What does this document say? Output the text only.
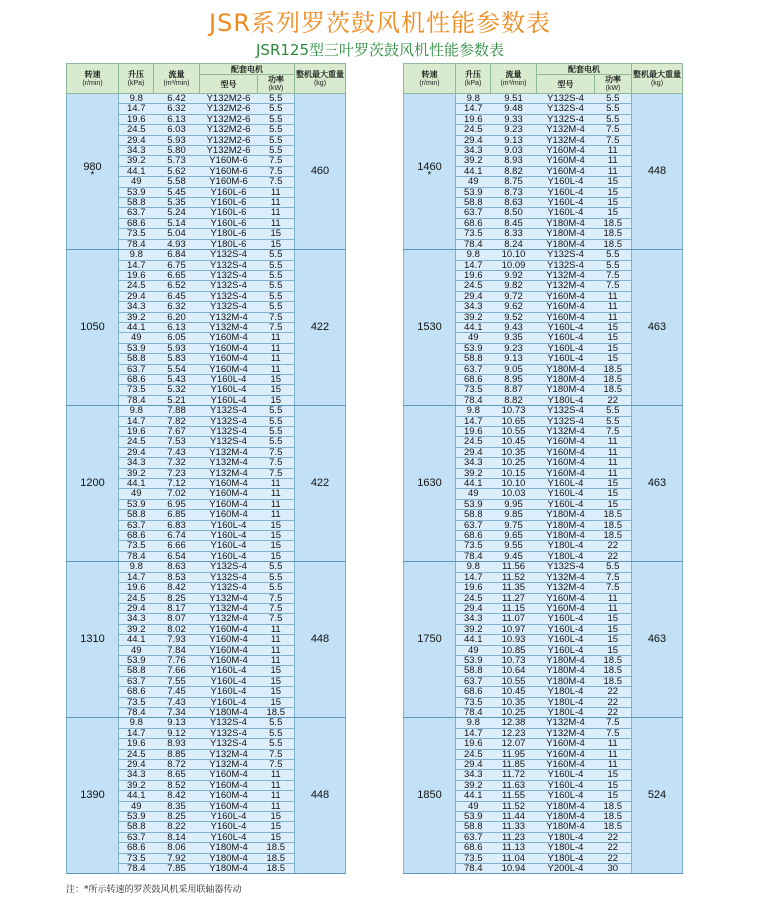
JSR系列罗茨鼓风机性能参数表
JSR125型三叶罗茨鼓风机性能参数表
转速
(r/min)	升压
(kPa)	流量
(m³/min)	配套电机		整机最大重量
(kg)

			型号	功率
(kW)	

980
*	9.8	6.42	Y132M2-6	5.5	460
	14.7	6.32	Y132M2-6	5.5	
	19.6	6.13	Y132M2-6	5.5	
	24.5	6.03	Y132M2-6	5.5	
	29.4	5.93	Y132M2-6	5.5	
	34.3	5.80	Y132M2-6	5.5	
	39.2	5.73	Y160M-6	7.5	
	44.1	5.62	Y160M-6	7.5	
	49	5.58	Y160M-6	7.5	
	53.9	5.45	Y160L-6	11	
	58.8	5.35	Y160L-6	11	
	63.7	5.24	Y160L-6	11	
	68.6	5.14	Y160L-6	11	
	73.5	5.04	Y180L-6	15	
	78.4	4.93	Y180L-6	15	
1050	9.8	6.84	Y132S-4	5.5	422
	14.7	6.75	Y132S-4	5.5	
	19.6	6.65	Y132S-4	5.5	
	24.5	6.52	Y132S-4	5.5	
	29.4	6.45	Y132S-4	5.5	
	34.3	6.32	Y132S-4	5.5	
	39.2	6.20	Y132M-4	7.5	
	44.1	6.13	Y132M-4	7.5	
	49	6.05	Y160M-4	11	
	53.9	5.93	Y160M-4	11	
	58.8	5.83	Y160M-4	11	
	63.7	5.54	Y160M-4	11	
	68.6	5.43	Y160L-4	15	
	73.5	5.32	Y160L-4	15	
	78.4	5.21	Y160L-4	15	
1200	9.8	7.88	Y132S-4	5.5	422
	14.7	7.82	Y132S-4	5.5	
	19.6	7.67	Y132S-4	5.5	
	24.5	7.53	Y132S-4	5.5	
	29.4	7.43	Y132M-4	7.5	
	34.3	7.32	Y132M-4	7.5	
	39.2	7.23	Y132M-4	7.5	
	44.1	7.12	Y160M-4	11	
	49	7.02	Y160M-4	11	
	53.9	6.95	Y160M-4	11	
	58.8	6.85	Y160M-4	11	
	63.7	6.83	Y160L-4	15	
	68.6	6.74	Y160L-4	15	
	73.5	6.66	Y160L-4	15	
	78.4	6.54	Y160L-4	15	
1310	9.8	8.63	Y132S-4	5.5	448
	14.7	8.53	Y132S-4	5.5	
	19.6	8.42	Y132S-4	5.5	
	24.5	8.25	Y132M-4	7.5	
	29.4	8.17	Y132M-4	7.5	
	34.3	8.07	Y132M-4	7.5	
	39.2	8.02	Y160M-4	11	
	44.1	7.93	Y160M-4	11	
	49	7.84	Y160M-4	11	
	53.9	7.76	Y160M-4	11	
	58.8	7.66	Y160L-4	15	
	63.7	7.55	Y160L-4	15	
	68.6	7.45	Y160L-4	15	
	73.5	7.43	Y160L-4	15	
	78.4	7.34	Y180M-4	18.5	
1390	9.8	9.13	Y132S-4	5.5	448
	14.7	9.12	Y132S-4	5.5	
	19.6	8.93	Y132S-4	5.5	
	24.5	8.85	Y132M-4	7.5	
	29.4	8.72	Y132M-4	7.5	
	34.3	8.65	Y160M-4	11	
	39.2	8.52	Y160M-4	11	
	44.1	8.42	Y160M-4	11	
	49	8.35	Y160M-4	11	
	53.9	8.25	Y160L-4	15	
	58.8	8.22	Y160L-4	15	
	63.7	8.14	Y160L-4	15	
	68.6	8.06	Y180M-4	18.5	
	73.5	7.92	Y180M-4	18.5	
	78.4	7.85	Y180M-4	18.5	
转速
(r/min)	升压
(kPa)	流量
(m³/min)	配套电机		整机最大重量
(kg)

			型号	功率
(kW)	

1460
*	9.8	9.51	Y132S-4	5.5	448
	14.7	9.48	Y132S-4	5.5	
	19.6	9.33	Y132S-4	5.5	
	24.5	9.23	Y132M-4	7.5	
	29.4	9.13	Y132M-4	7.5	
	34.3	9.03	Y160M-4	11	
	39.2	8.93	Y160M-4	11	
	44.1	8.82	Y160M-4	11	
	49	8.75	Y160L-4	15	
	53.9	8.73	Y160L-4	15	
	58.8	8.63	Y160L-4	15	
	63.7	8.50	Y160L-4	15	
	68.6	8.45	Y180M-4	18.5	
	73.5	8.33	Y180M-4	18.5	
	78.4	8.24	Y180M-4	18.5	
1530	9.8	10.10	Y132S-4	5.5	463
	14.7	10.09	Y132S-4	5.5	
	19.6	9.92	Y132M-4	7.5	
	24.5	9.82	Y132M-4	7.5	
	29.4	9.72	Y160M-4	11	
	34.3	9.62	Y160M-4	11	
	39.2	9.52	Y160M-4	11	
	44.1	9.43	Y160L-4	15	
	49	9.35	Y160L-4	15	
	53.9	9.23	Y160L-4	15	
	58.8	9.13	Y160L-4	15	
	63.7	9.05	Y180M-4	18.5	
	68.6	8.95	Y180M-4	18.5	
	73.5	8.87	Y180M-4	18.5	
	78.4	8.82	Y180L-4	22	
1630	9.8	10.73	Y132S-4	5.5	463
	14.7	10.65	Y132S-4	5.5	
	19.6	10.55	Y132M-4	7.5	
	24.5	10.45	Y160M-4	11	
	29.4	10.35	Y160M-4	11	
	34.3	10.25	Y160M-4	11	
	39.2	10.15	Y160M-4	11	
	44.1	10.10	Y160L-4	15	
	49	10.03	Y160L-4	15	
	53.9	9.95	Y160L-4	15	
	58.8	9.85	Y180M-4	18.5	
	63.7	9.75	Y180M-4	18.5	
	68.6	9.65	Y180M-4	18.5	
	73.5	9.55	Y180L-4	22	
	78.4	9.45	Y180L-4	22	
1750	9.8	11.56	Y132S-4	5.5	463
	14.7	11.52	Y132M-4	7.5	
	19.6	11.35	Y132M-4	7.5	
	24.5	11.27	Y160M-4	11	
	29.4	11.15	Y160M-4	11	
	34.3	11.07	Y160L-4	15	
	39.2	10.97	Y160L-4	15	
	44.1	10.93	Y160L-4	15	
	49	10.85	Y160L-4	15	
	53.9	10.73	Y180M-4	18.5	
	58.8	10.64	Y180M-4	18.5	
	63.7	10.55	Y180M-4	18.5	
	68.6	10.45	Y180L-4	22	
	73.5	10.35	Y180L-4	22	
	78.4	10.25	Y180L-4	22	
1850	9.8	12.38	Y132M-4	7.5	524
	14.7	12.23	Y132M-4	7.5	
	19.6	12.07	Y160M-4	11	
	24.5	11.95	Y160M-4	11	
	29.4	11.85	Y160M-4	11	
	34.3	11.72	Y160L-4	15	
	39.2	11.63	Y160L-4	15	
	44.1	11.55	Y160L-4	15	
	49	11.52	Y180M-4	18.5	
	53.9	11.44	Y180M-4	18.5	
	58.8	11.33	Y180M-4	18.5	
	63.7	11.23	Y180L-4	22	
	68.6	11.13	Y180L-4	22	
	73.5	11.04	Y180L-4	22	
	78.4	10.94	Y200L-4	30	
注：*所示转速的罗茨鼓风机采用联轴器传动
